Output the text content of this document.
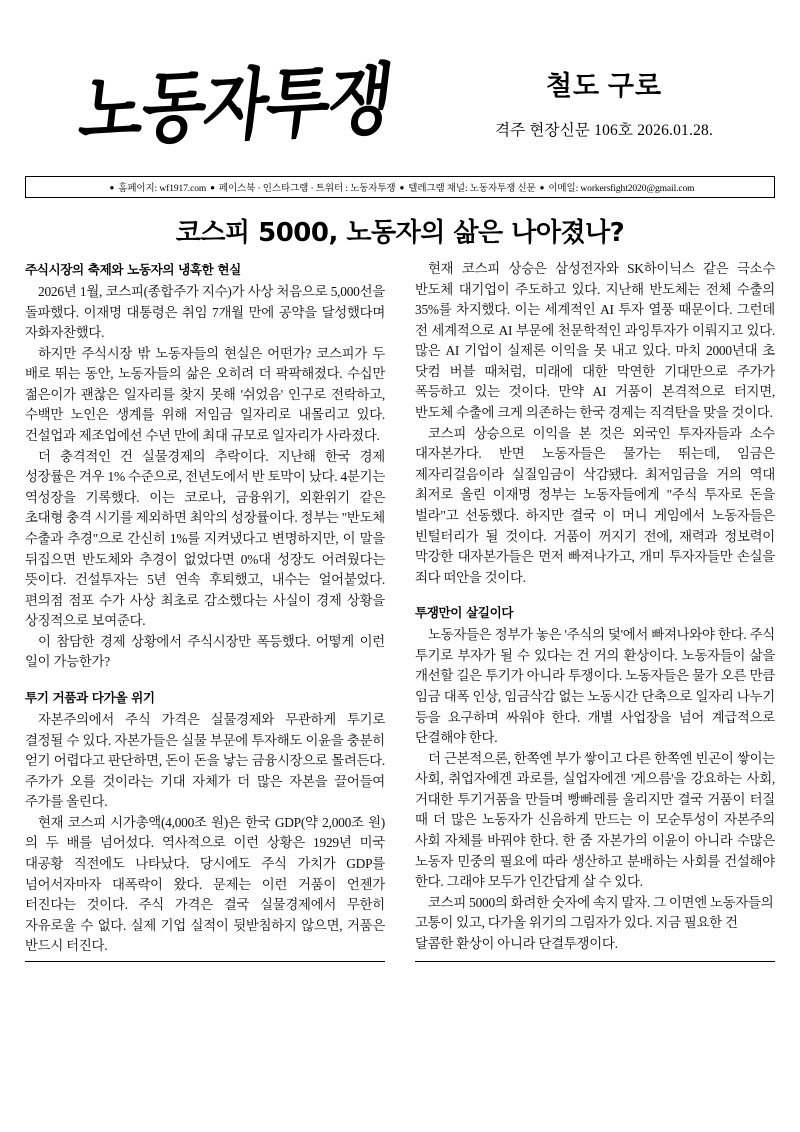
노동자투쟁	철도 구로
격주 현장신문 106호 2026.01.28.
● 홈페이지: wf1917.com ● 페이스북 · 인스타그램 · 트위터 : 노동자투쟁 ● 텔레그램 채널: 노동자투쟁 신문 ● 이메일: workersfight2020@gmail.com
코스피 5000, 노동자의 삶은 나아졌나?
주식시장의 축제와 노동자의 냉혹한 현실

2026년 1월, 코스피(종합주가 지수)가 사상 처음으로 5,000선을 돌파했다. 이재명 대통령은 취임 7개월 만에 공약을 달성했다며 자화자찬했다.

하지만 주식시장 밖 노동자들의 현실은 어떤가? 코스피가 두 배로 뛰는 동안, 노동자들의 삶은 오히려 더 팍팍해졌다. 수십만 젊은이가 괜찮은 일자리를 찾지 못해 '쉬었음' 인구로 전락하고, 수백만 노인은 생계를 위해 저임금 일자리로 내몰리고 있다. 건설업과 제조업에선 수년 만에 최대 규모로 일자리가 사라졌다.

더 충격적인 건 실물경제의 추락이다. 지난해 한국 경제 성장률은 겨우 1% 수준으로, 전년도에서 반 토막이 났다. 4분기는 역성장을 기록했다. 이는 코로나, 금융위기, 외환위기 같은 초대형 충격 시기를 제외하면 최악의 성장률이다. 정부는 "반도체 수출과 추경"으로 간신히 1%를 지켜냈다고 변명하지만, 이 말을 뒤집으면 반도체와 추경이 없었다면 0%대 성장도 어려웠다는 뜻이다. 건설투자는 5년 연속 후퇴했고, 내수는 얼어붙었다. 편의점 점포 수가 사상 최초로 감소했다는 사실이 경제 상황을 상징적으로 보여준다.

이 참담한 경제 상황에서 주식시장만 폭등했다. 어떻게 이런 일이 가능한가?

투기 거품과 다가올 위기

자본주의에서 주식 가격은 실물경제와 무관하게 투기로 결정될 수 있다. 자본가들은 실물 부문에 투자해도 이윤을 충분히 얻기 어렵다고 판단하면, 돈이 돈을 낳는 금융시장으로 몰려든다. 주가가 오를 것이라는 기대 자체가 더 많은 자본을 끌어들여 주가를 올린다.

현재 코스피 시가총액(4,000조 원)은 한국 GDP(약 2,000조 원)의 두 배를 넘어섰다. 역사적으로 이런 상황은 1929년 미국 대공황 직전에도 나타났다. 당시에도 주식 가치가 GDP를 넘어서자마자 대폭락이 왔다. 문제는 이런 거품이 언젠가 터진다는 것이다. 주식 가격은 결국 실물경제에서 무한히 자유로울 수 없다. 실제 기업 실적이 뒷받침하지 않으면, 거품은 반드시 터진다.

현재 코스피 상승은 삼성전자와 SK하이닉스 같은 극소수 반도체 대기업이 주도하고 있다. 지난해 반도체는 전체 수출의 35%를 차지했다. 이는 세계적인 AI 투자 열풍 때문이다. 그런데 전 세계적으로 AI 부문에 천문학적인 과잉투자가 이뤄지고 있다. 많은 AI 기업이 실제론 이익을 못 내고 있다. 마치 2000년대 초 닷컴 버블 때처럼, 미래에 대한 막연한 기대만으로 주가가 폭등하고 있는 것이다. 만약 AI 거품이 본격적으로 터지면, 반도체 수출에 크게 의존하는 한국 경제는 직격탄을 맞을 것이다.

코스피 상승으로 이익을 본 것은 외국인 투자자들과 소수 대자본가다. 반면 노동자들은 물가는 뛰는데, 임금은 제자리걸음이라 실질임금이 삭감됐다. 최저임금을 거의 역대 최저로 올린 이재명 정부는 노동자들에게 "주식 투자로 돈을 벌라"고 선동했다. 하지만 결국 이 머니 게임에서 노동자들은 빈털터리가 될 것이다. 거품이 꺼지기 전에, 재력과 정보력이 막강한 대자본가들은 먼저 빠져나가고, 개미 투자자들만 손실을 죄다 떠안을 것이다.

투쟁만이 살길이다

노동자들은 정부가 놓은 '주식의 덫'에서 빠져나와야 한다. 주식 투기로 부자가 될 수 있다는 건 거의 환상이다. 노동자들이 삶을 개선할 길은 투기가 아니라 투쟁이다. 노동자들은 물가 오른 만큼 임금 대폭 인상, 임금삭감 없는 노동시간 단축으로 일자리 나누기 등을 요구하며 싸워야 한다. 개별 사업장을 넘어 계급적으로 단결해야 한다.

더 근본적으론, 한쪽엔 부가 쌓이고 다른 한쪽엔 빈곤이 쌓이는 사회, 취업자에겐 과로를, 실업자에겐 '게으름'을 강요하는 사회, 거대한 투기거품을 만들며 빵빠레를 울리지만 결국 거품이 터질 때 더 많은 노동자가 신음하게 만드는 이 모순투성이 자본주의 사회 자체를 바꿔야 한다. 한 줌 자본가의 이윤이 아니라 수많은 노동자 민중의 필요에 따라 생산하고 분배하는 사회를 건설해야 한다. 그래야 모두가 인간답게 살 수 있다.

코스피 5000의 화려한 숫자에 속지 말자. 그 이면엔 노동자들의 고통이 있고, 다가올 위기의 그림자가 있다. 지금 필요한 건 달콤한 환상이 아니라 단결투쟁이다.
